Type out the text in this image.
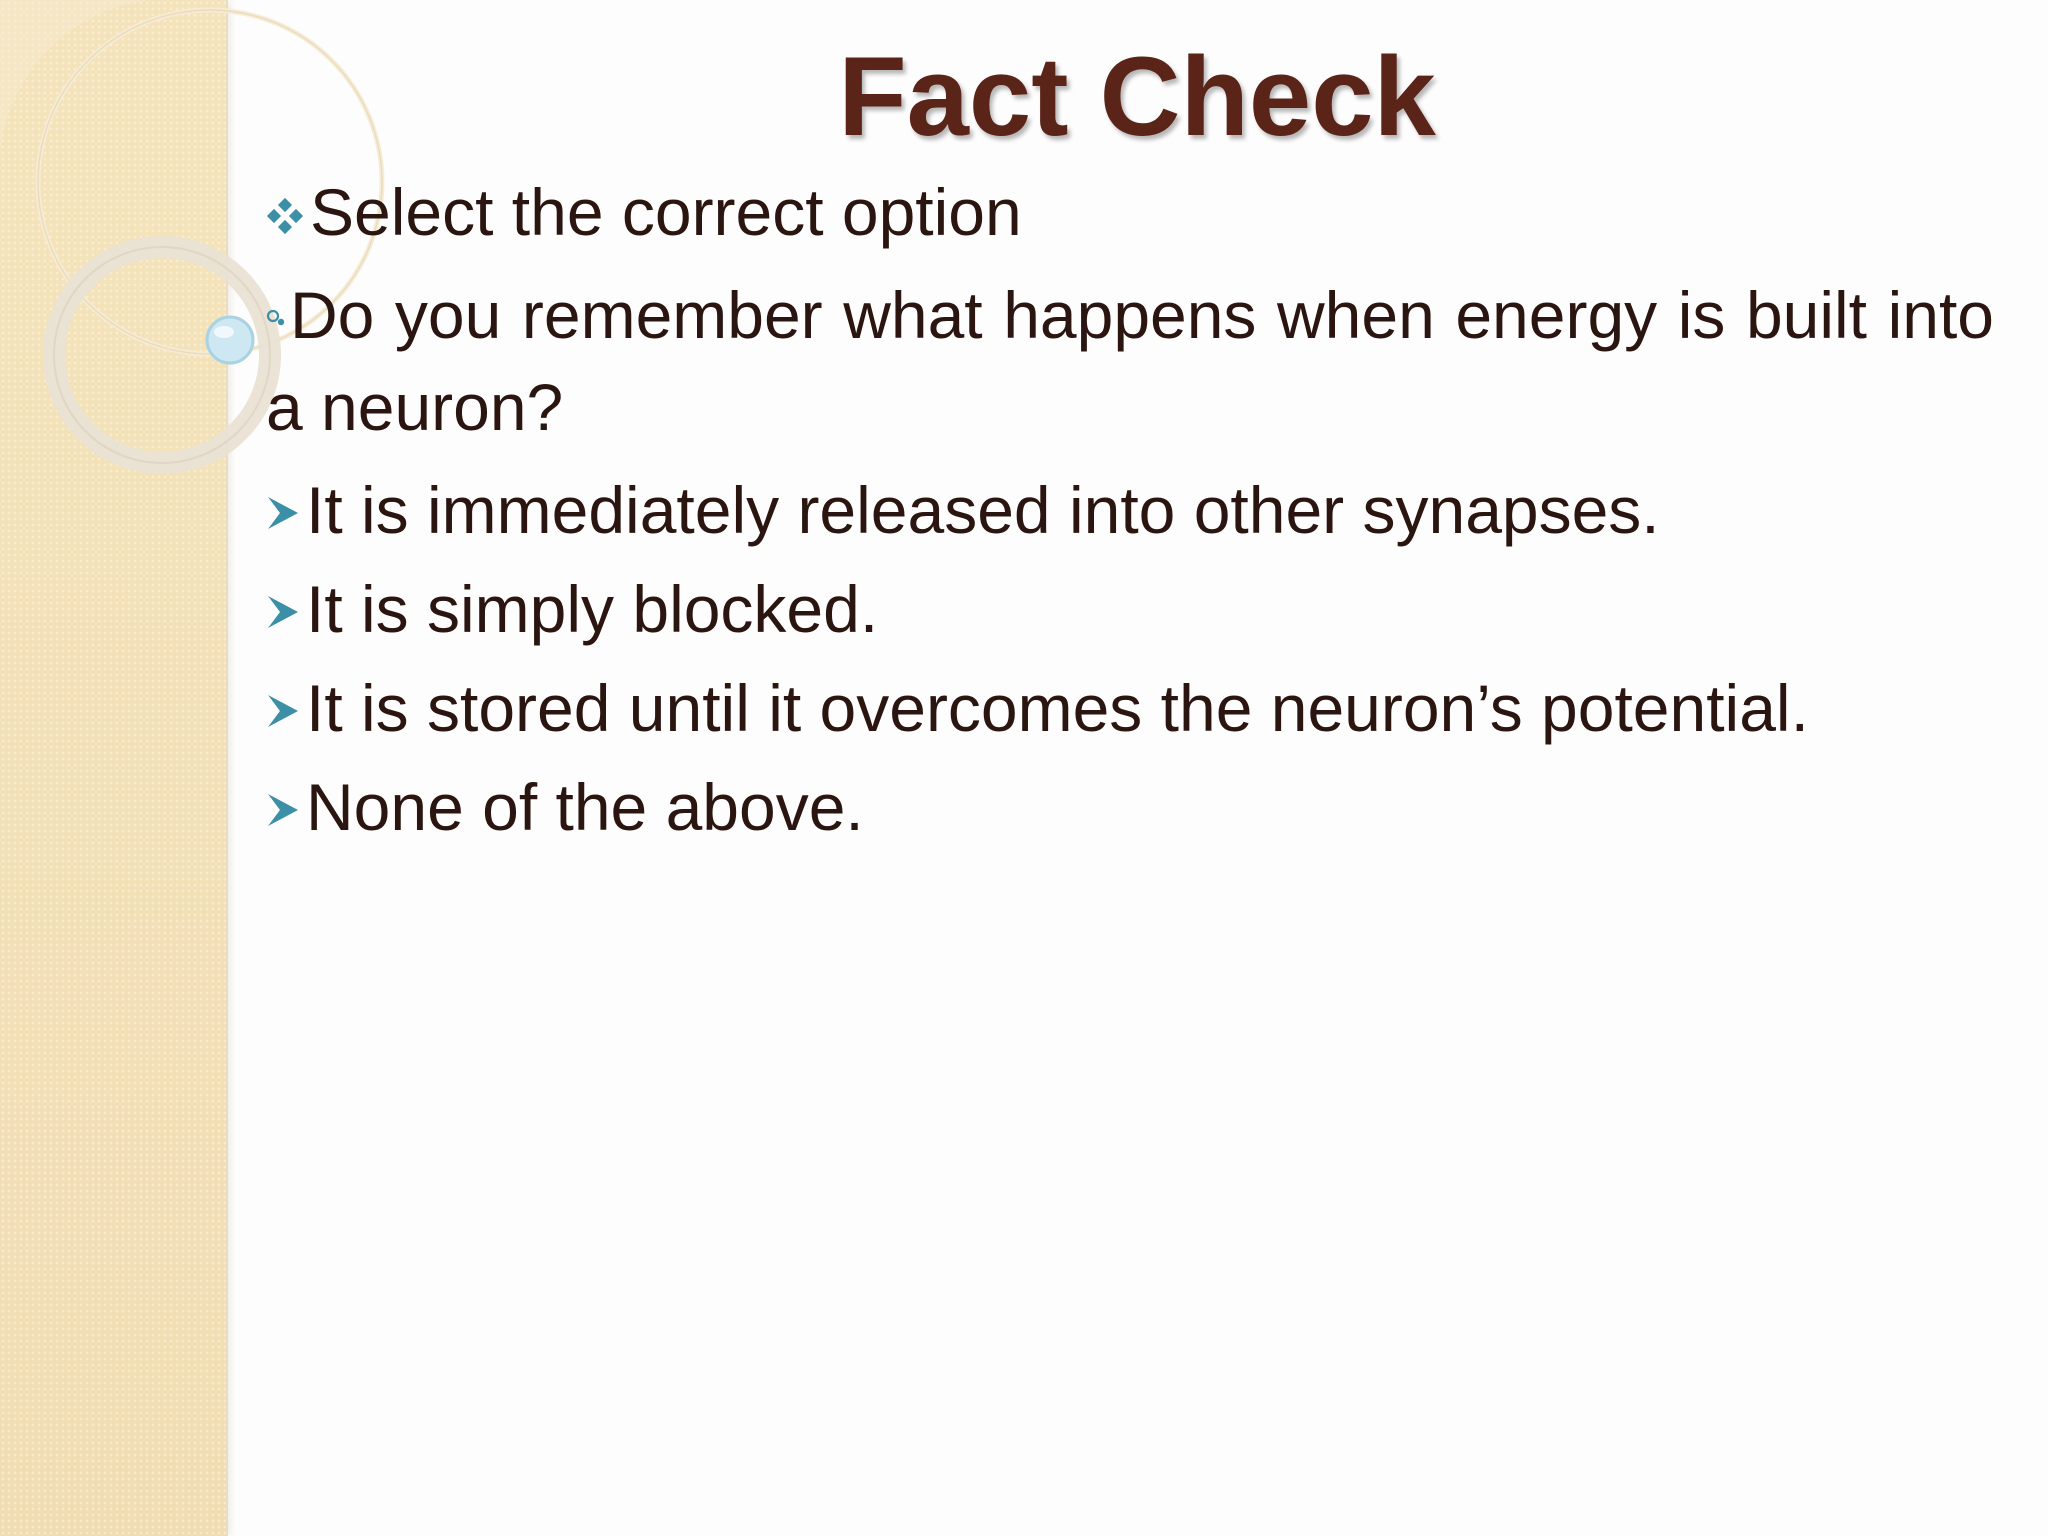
Fact Check
Select the correct option
Do you remember what happens when energy is built into a neuron?
It is immediately released into other synapses.
It is simply blocked.
It is stored until it overcomes the neuron’s potential.
None of the above.
